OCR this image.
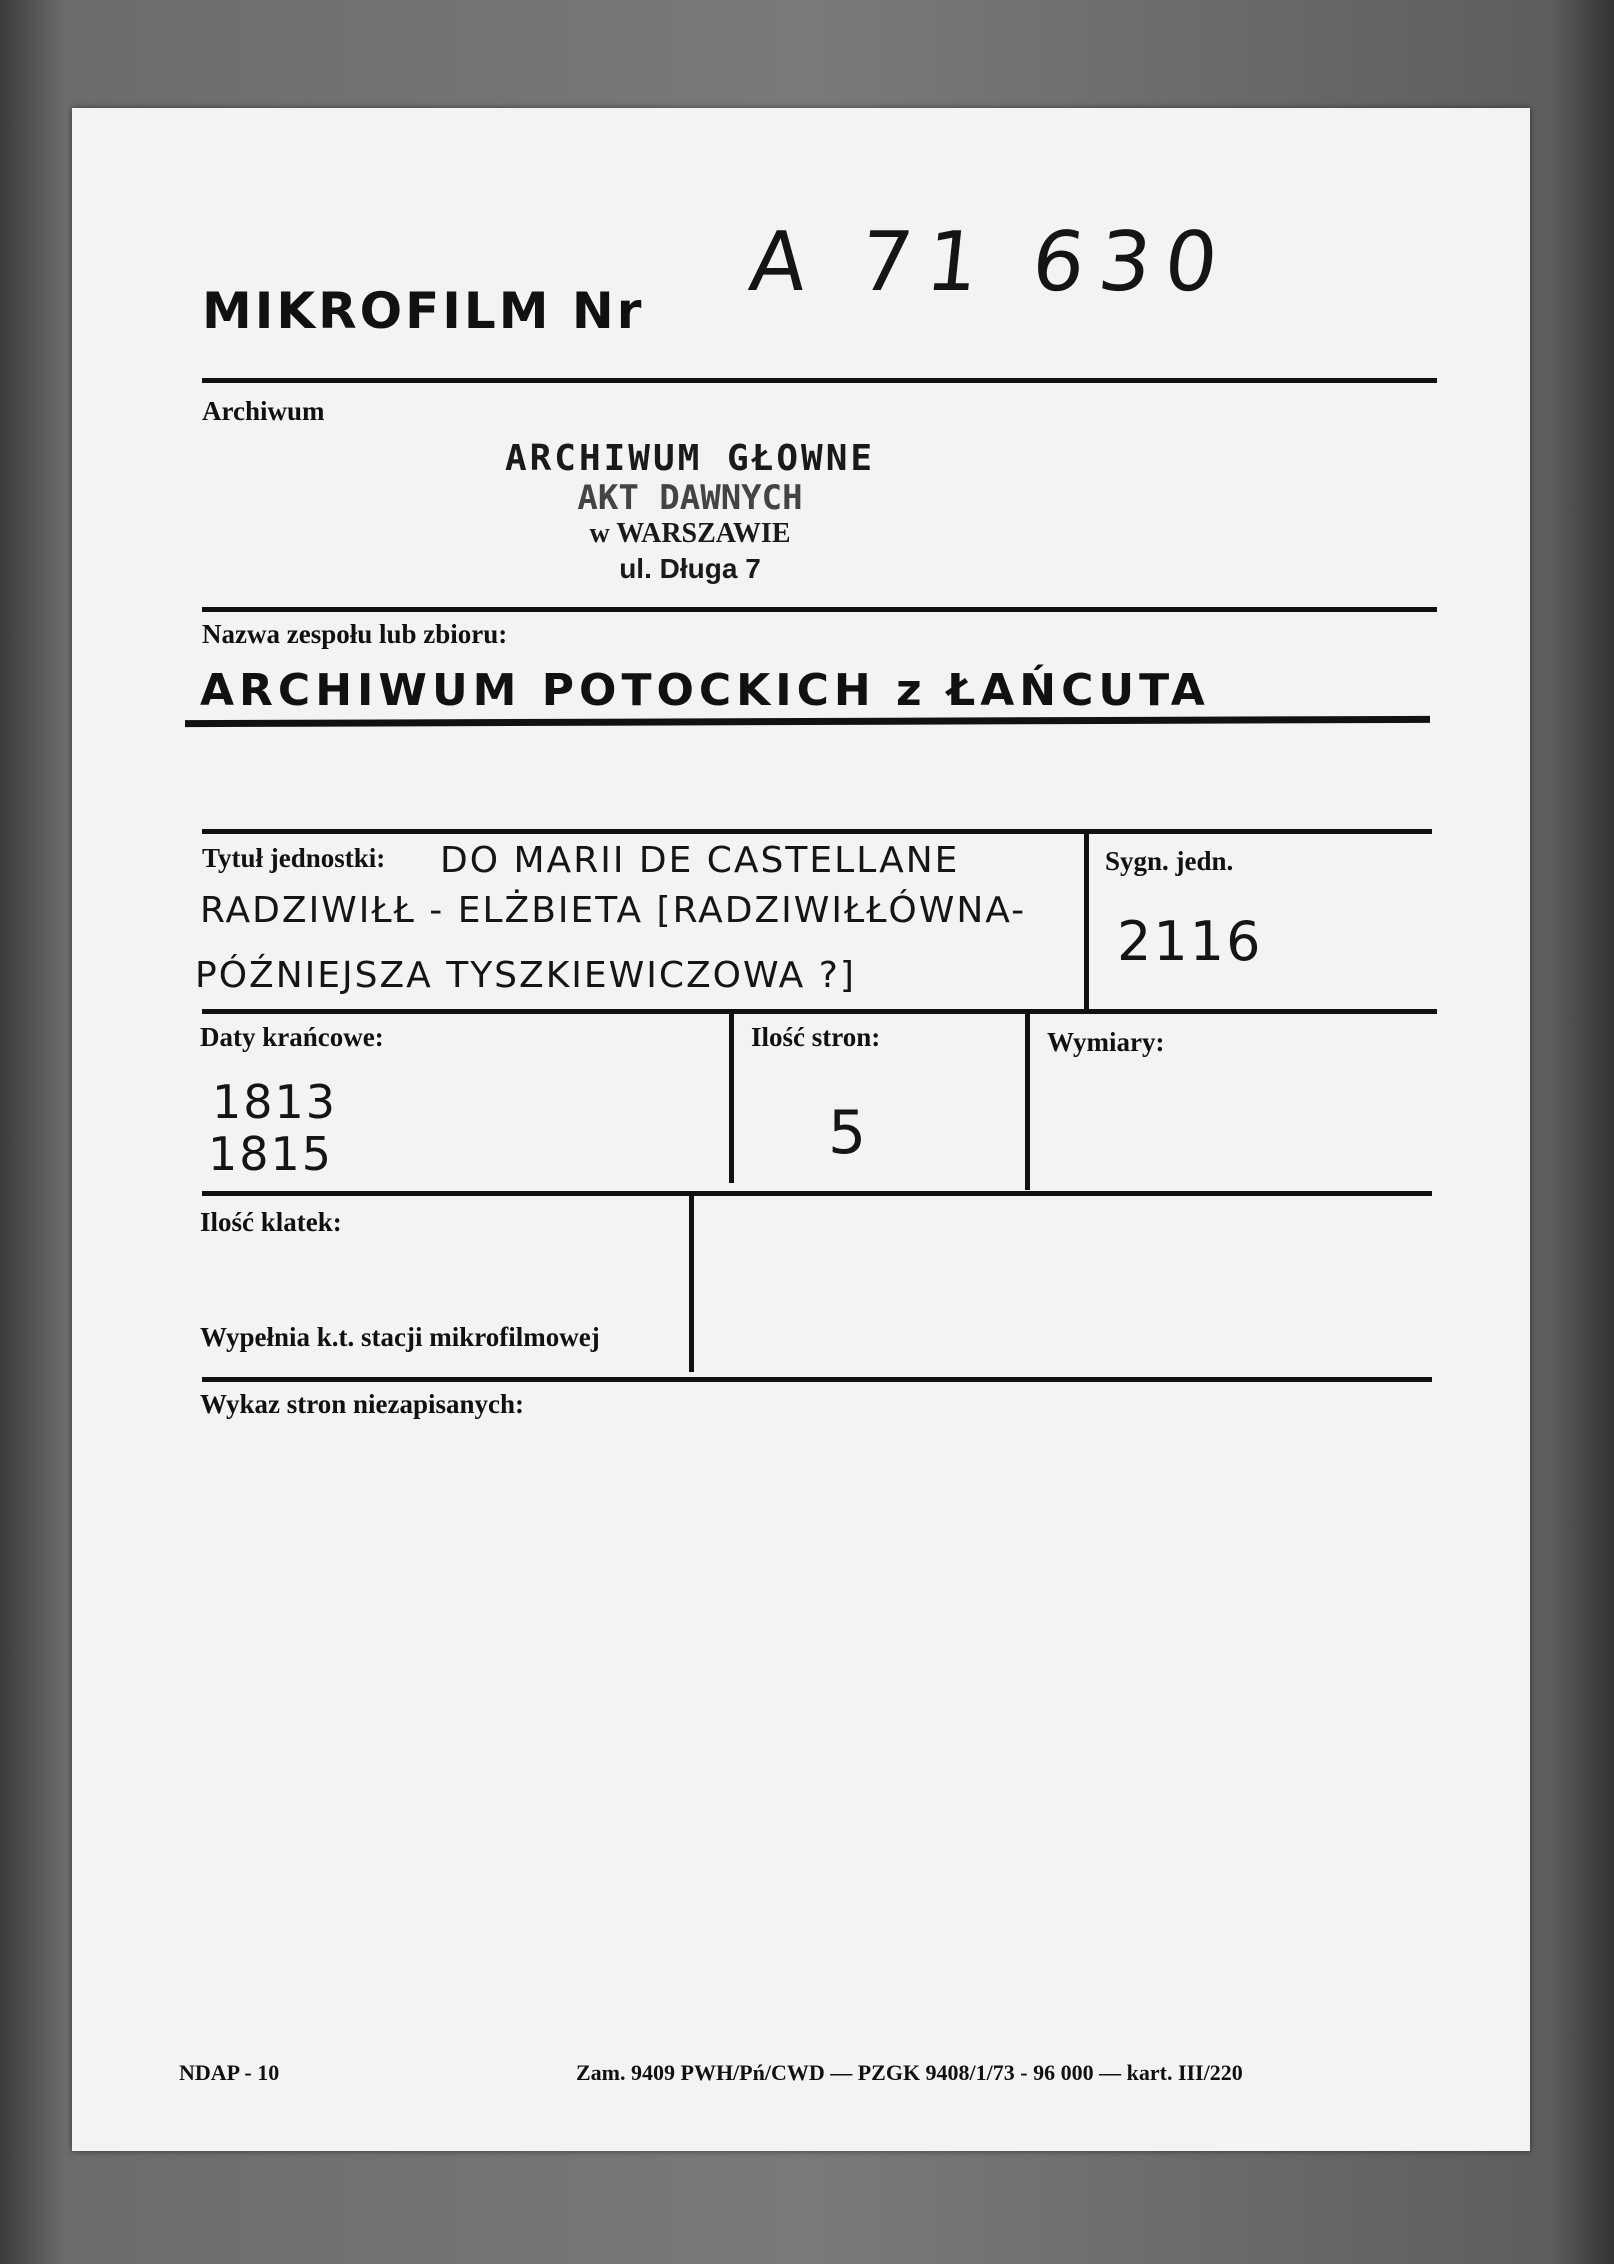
MIKROFILM Nr
A 71 630
Archiwum
ARCHIWUM GŁOWNE
AKT DAWNYCH
w WARSZAWIE
ul. Długa 7
Nazwa zespołu lub zbioru:
ARCHIWUM POTOCKICH z ŁAŃCUTA
Tytuł jednostki: DO MARII DE CASTELLANE
RADZIWIŁŁ - ELŻBIETA [RADZIWIŁŁÓWNA-
PÓŹNIEJSZA TYSZKIEWICZOWA ?]
Sygn. jedn.
2116
Daty krańcowe:
1813
1815
Ilość stron:
5
Wymiary:
Ilość klatek:
Wypełnia k.t. stacji mikrofilmowej
Wykaz stron niezapisanych:
NDAP - 10	Zam. 9409 PWH/Pń/CWD — PZGK 9408/1/73 - 96 000 — kart. III/220
